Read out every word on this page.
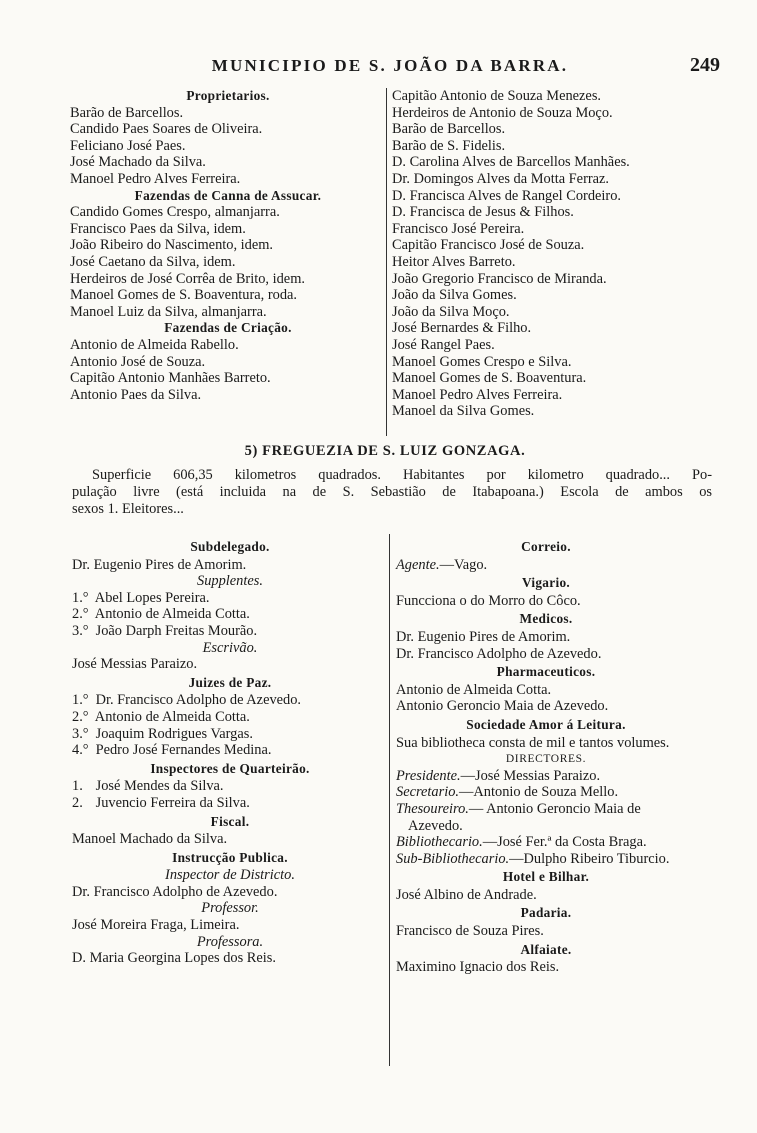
MUNICIPIO DE S. JOÃO DA BARRA.	249
Proprietarios.
Barão de Barcellos.
Candido Paes Soares de Oliveira.
Feliciano José Paes.
José Machado da Silva.
Manoel Pedro Alves Ferreira.
Fazendas de Canna de Assucar.
Candido Gomes Crespo, almanjarra.
Francisco Paes da Silva, idem.
João Ribeiro do Nascimento, idem.
José Caetano da Silva, idem.
Herdeiros de José Corrêa de Brito, idem.
Manoel Gomes de S. Boaventura, roda.
Manoel Luiz da Silva, almanjarra.
Fazendas de Criação.
Antonio de Almeida Rabello.
Antonio José de Souza.
Capitão Antonio Manhães Barreto.
Antonio Paes da Silva.
Capitão Antonio de Souza Menezes.
Herdeiros de Antonio de Souza Moço.
Barão de Barcellos.
Barão de S. Fidelis.
D. Carolina Alves de Barcellos Manhães.
Dr. Domingos Alves da Motta Ferraz.
D. Francisca Alves de Rangel Cordeiro.
D. Francisca de Jesus & Filhos.
Francisco José Pereira.
Capitão Francisco José de Souza.
Heitor Alves Barreto.
João Gregorio Francisco de Miranda.
João da Silva Gomes.
João da Silva Moço.
José Bernardes & Filho.
José Rangel Paes.
Manoel Gomes Crespo e Silva.
Manoel Gomes de S. Boaventura.
Manoel Pedro Alves Ferreira.
Manoel da Silva Gomes.
5) FREGUEZIA DE S. LUIZ GONZAGA.
Superficie 606,35 kilometros quadrados. Habitantes por kilometro quadrado... Po-
pulação livre (está incluida na de S. Sebastião de Itabapoana.) Escola de ambos os
sexos 1. Eleitores...
Subdelegado.
Dr. Eugenio Pires de Amorim.
Supplentes.
1.° Abel Lopes Pereira.
2.° Antonio de Almeida Cotta.
3.° João Darph Freitas Mourão.
Escrivão.
José Messias Paraizo.
Juizes de Paz.
1.° Dr. Francisco Adolpho de Azevedo.
2.° Antonio de Almeida Cotta.
3.° Joaquim Rodrigues Vargas.
4.° Pedro José Fernandes Medina.
Inspectores de Quarteirão.
1. José Mendes da Silva.
2. Juvencio Ferreira da Silva.
Fiscal.
Manoel Machado da Silva.
Instrucção Publica.
Inspector de Districto.
Dr. Francisco Adolpho de Azevedo.
Professor.
José Moreira Fraga, Limeira.
Professora.
D. Maria Georgina Lopes dos Reis.
Correio.
Agente.—Vago.
Vigario.
Funcciona o do Morro do Côco.
Medicos.
Dr. Eugenio Pires de Amorim.
Dr. Francisco Adolpho de Azevedo.
Pharmaceuticos.
Antonio de Almeida Cotta.
Antonio Geroncio Maia de Azevedo.
Sociedade Amor á Leitura.
Sua bibliotheca consta de mil e tantos volumes.
DIRECTORES.
Presidente.—José Messias Paraizo.
Secretario.—Antonio de Souza Mello.
Thesoureiro.— Antonio Geroncio Maia de Azevedo.
Bibliothecario.—José Fer.ª da Costa Braga.
Sub-Bibliothecario.—Dulpho Ribeiro Tiburcio.
Hotel e Bilhar.
José Albino de Andrade.
Padaria.
Francisco de Souza Pires.
Alfaiate.
Maximino Ignacio dos Reis.
